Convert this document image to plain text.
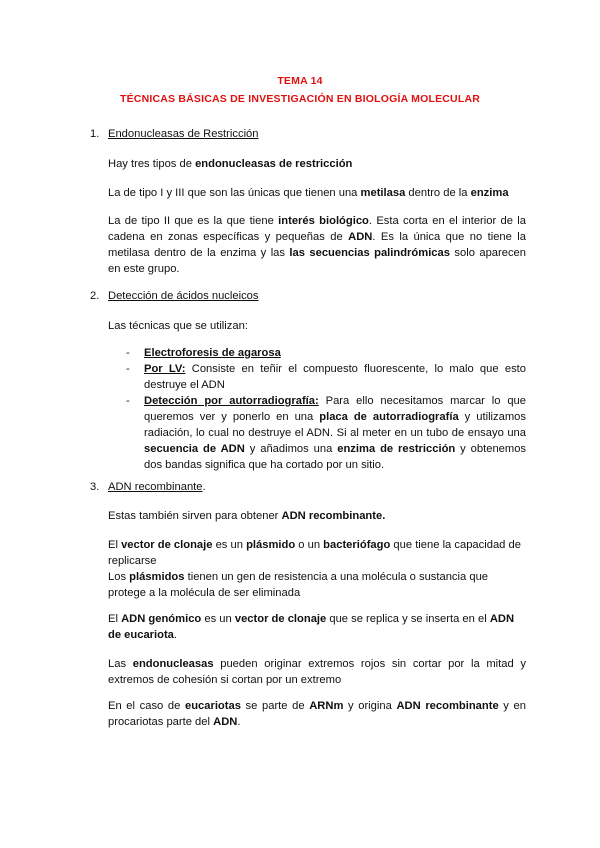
TEMA 14
TÉCNICAS BÁSICAS DE INVESTIGACIÓN EN BIOLOGÍA MOLECULAR
1. Endonucleasas de Restricción

Hay tres tipos de endonucleasas de restricción

La de tipo I y III que son las únicas que tienen una metilasa dentro de la enzima

La de tipo II que es la que tiene interés biológico. Esta corta en el interior de la cadena en zonas específicas y pequeñas de ADN. Es la única que no tiene la metilasa dentro de la enzima y las las secuencias palindrómicas solo aparecen en este grupo.

2. Detección de ácidos nucleicos

Las técnicas que se utilizan:

- Electroforesis de agarosa

- Por LV: Consiste en teñir el compuesto fluorescente, lo malo que esto destruye el ADN

- Detección por autorradiografía: Para ello necesitamos marcar lo que queremos ver y ponerlo en una placa de autorradiografía y utilizamos radiación, lo cual no destruye el ADN. Si al meter en un tubo de ensayo una secuencia de ADN y añadimos una enzima de restricción y obtenemos dos bandas significa que ha cortado por un sitio.

3. ADN recombinante.

Estas también sirven para obtener ADN recombinante.

El vector de clonaje es un plásmido o un bacteriófago que tiene la capacidad de replicarse

Los plásmidos tienen un gen de resistencia a una molécula o sustancia que protege a la molécula de ser eliminada

El ADN genómico es un vector de clonaje que se replica y se inserta en el ADN de eucariota.

Las endonucleasas pueden originar extremos rojos sin cortar por la mitad y extremos de cohesión si cortan por un extremo

En el caso de eucariotas se parte de ARNm y origina ADN recombinante y en procariotas parte del ADN.
